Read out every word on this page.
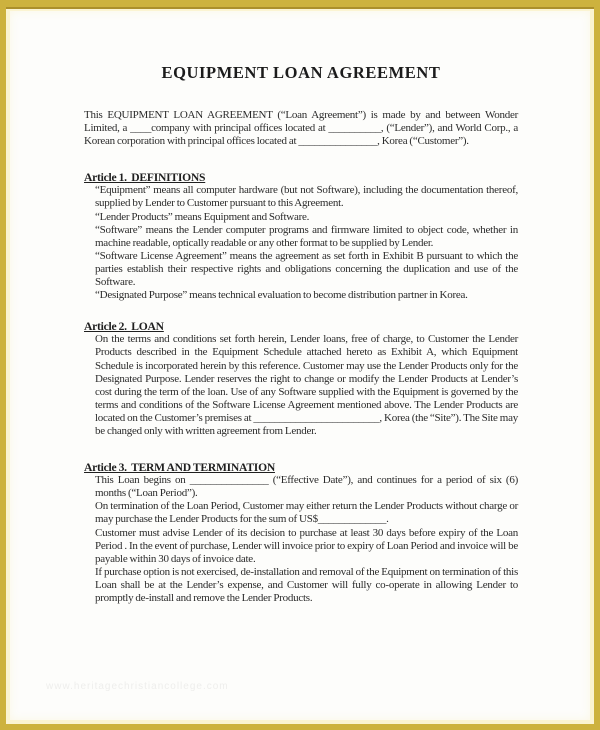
EQUIPMENT LOAN AGREEMENT

This EQUIPMENT LOAN AGREEMENT (“Loan Agreement”) is made by and between Wonder Limited, a ____company with principal offices located at __________, (“Lender”), and World Corp., a Korean corporation with principal offices located at _______________, Korea (“Customer”).

Article 1.  DEFINITIONS

“Equipment” means all computer hardware (but not Software), including the documentation thereof, supplied by Lender to Customer pursuant to this Agreement.

“Lender Products” means Equipment and Software.

“Software” means the Lender computer programs and firmware limited to object code, whether in machine readable, optically readable or any other format to be supplied by Lender.

“Software License Agreement” means the agreement as set forth in Exhibit B pursuant to which the parties establish their respective rights and obligations concerning the duplication and use of the Software.

“Designated Purpose” means technical evaluation to become distribution partner in Korea.

Article 2.  LOAN

On the terms and conditions set forth herein, Lender loans, free of charge, to Customer the Lender Products described in the Equipment Schedule attached hereto as Exhibit A, which Equipment Schedule is incorporated herein by this reference. Customer may use the Lender Products only for the Designated Purpose. Lender reserves the right to change or modify the Lender Products at Lender’s cost during the term of the loan. Use of any Software supplied with the Equipment is governed by the terms and conditions of the Software License Agreement mentioned above. The Lender Products are located on the Customer’s premises at ________________________, Korea (the “Site”). The Site may be changed only with written agreement from Lender.

Article 3.  TERM AND TERMINATION

This Loan begins on _______________ (“Effective Date”), and continues for a period of six (6) months (“Loan Period”).

On termination of the Loan Period, Customer may either return the Lender Products without charge or may purchase the Lender Products for the sum of US$_____________.

Customer must advise Lender of its decision to purchase at least 30 days before expiry of the Loan Period . In the event of purchase, Lender will invoice prior to expiry of Loan Period and invoice will be payable within 30 days of invoice date.

If purchase option is not exercised, de-installation and removal of the Equipment on termination of this Loan shall be at the Lender’s expense, and Customer will fully co-operate in allowing Lender to promptly de-install and remove the Lender Products.

www.heritagechristiancollege.com
